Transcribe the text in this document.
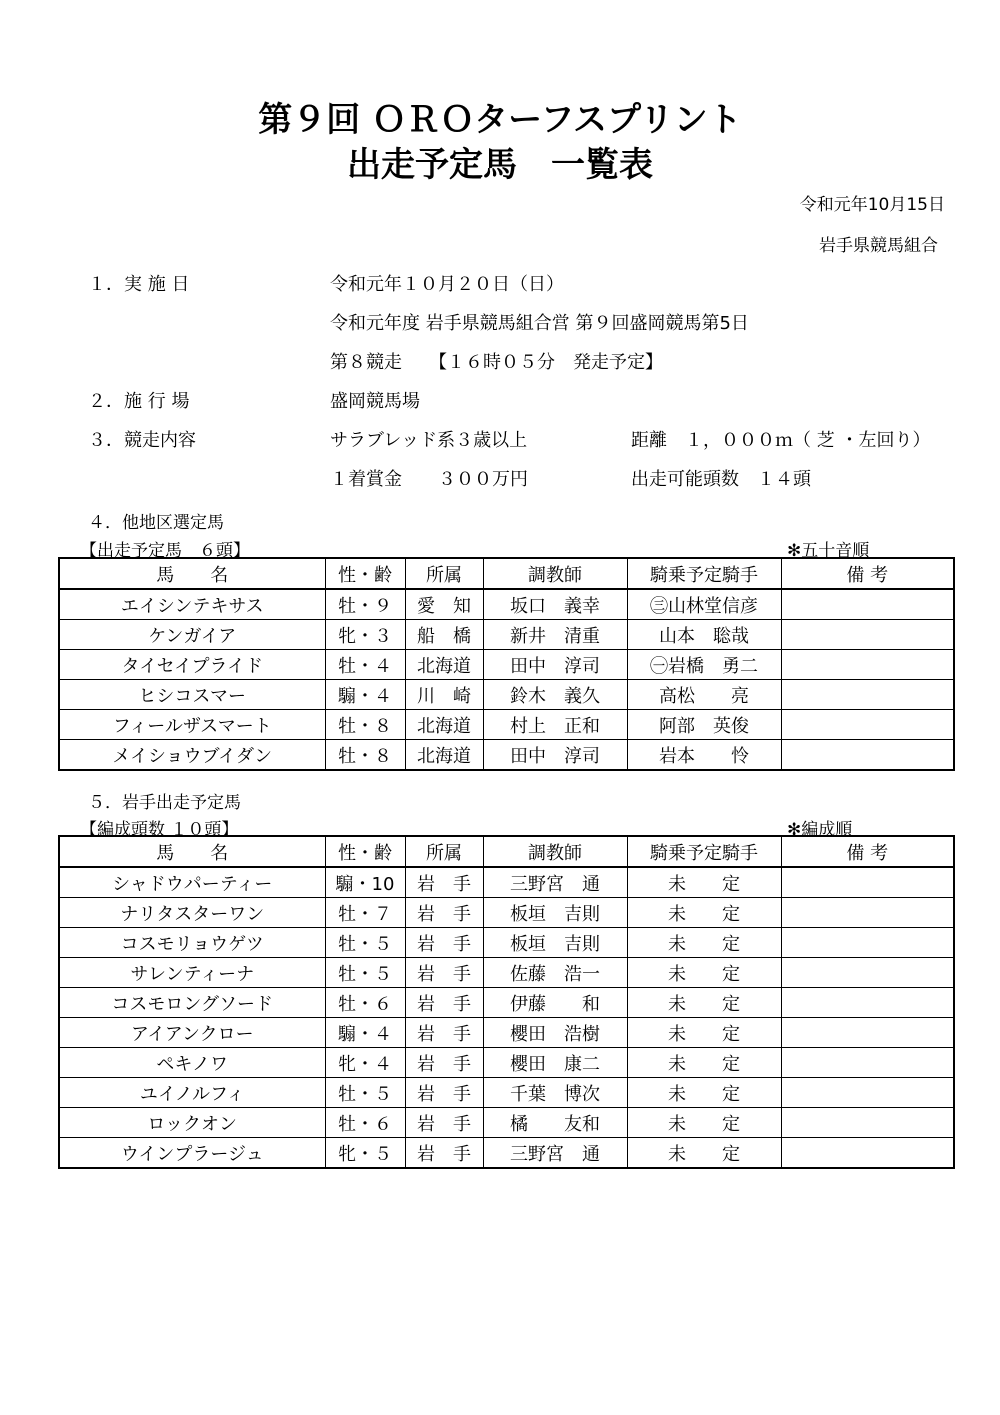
第９回 ＯＲＯターフスプリント
出走予定馬　一覧表
令和元年10月15日
岩手県競馬組合
１．実 施 日	令和元年１０月２０日（日）
令和元年度 岩手県競馬組合営 第９回盛岡競馬第5日
第８競走　　【１６時０５分　発走予定】
２．施 行 場	盛岡競馬場
３．競走内容	サラブレッド系３歳以上	距離　１，０００ｍ（ 芝 ・左回り）
１着賞金　　３００万円	出走可能頭数　１４頭
４．他地区選定馬
【出走予定馬　６頭】	✻五十音順
馬　　名	性・齢	所属	調教師	騎乗予定騎手	備 考
エイシンテキサス	牡・９	愛　知	坂口　義幸	㊂山林堂信彦	
ケンガイア	牝・３	船　橋	新井　清重	山本　聡哉	
タイセイプライド	牡・４	北海道	田中　淳司	㊀岩橋　勇二	
ヒシコスマー	騸・４	川　崎	鈴木　義久	高松　　亮	
フィールザスマート	牡・８	北海道	村上　正和	阿部　英俊	
メイショウブイダン	牡・８	北海道	田中　淳司	岩本　　怜	
５．岩手出走予定馬
【編成頭数 １０頭】	✻編成順
馬　　名	性・齢	所属	調教師	騎乗予定騎手	備 考
シャドウパーティー	騸・10	岩　手	三野宮　通	未　　定	
ナリタスターワン	牡・７	岩　手	板垣　吉則	未　　定	
コスモリョウゲツ	牡・５	岩　手	板垣　吉則	未　　定	
サレンティーナ	牡・５	岩　手	佐藤　浩一	未　　定	
コスモロングソード	牡・６	岩　手	伊藤　　和	未　　定	
アイアンクロー	騸・４	岩　手	櫻田　浩樹	未　　定	
ペキノワ	牝・４	岩　手	櫻田　康二	未　　定	
ユイノルフィ	牡・５	岩　手	千葉　博次	未　　定	
ロックオン	牡・６	岩　手	橘　　友和	未　　定	
ウインプラージュ	牝・５	岩　手	三野宮　通	未　　定	
